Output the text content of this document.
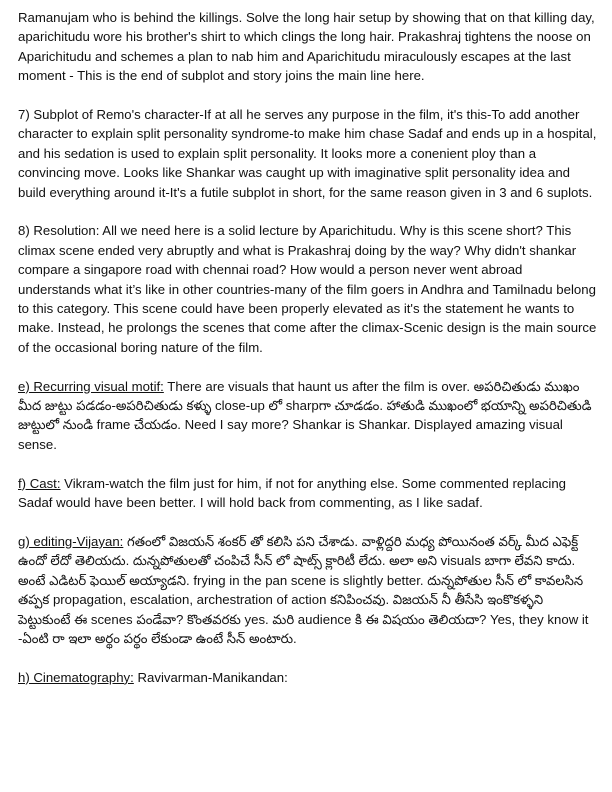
Ramanujam who is behind the killings. Solve the long hair setup by showing that on that killing day, aparichitudu wore his brother's shirt to which clings the long hair. Prakashraj tightens the noose on Aparichitudu and schemes a plan to nab him and Aparichitudu miraculously escapes at the last moment - This is the end of subplot and story joins the main line here.

7) Subplot of Remo's character-If at all he serves any purpose in the film, it's this-To add another character to explain split personality syndrome-to make him chase Sadaf and ends up in a hospital, and his sedation is used to explain split personality. It looks more a conenient ploy than a convincing move. Looks like Shankar was caught up with imaginative split personality idea and build everything around it-It's a futile subplot in short, for the same reason given in 3 and 6 suplots.

8) Resolution: All we need here is a solid lecture by Aparichitudu. Why is this scene short? This climax scene ended very abruptly and what is Prakashraj doing by the way? Why didn't shankar compare a singapore road with chennai road? How would a person never went abroad understands what it’s like in other countries-many of the film goers in Andhra and Tamilnadu belong to this category. This scene could have been properly elevated as it's the statement he wants to make. Instead, he prolongs the scenes that come after the climax-Scenic design is the main source of the occasional boring nature of the film.

e) Recurring visual motif: There are visuals that haunt us after the film is over. అపరిచితుడు ముఖం మీద జుట్టు పడడం-అపరిచితుడు కళ్ళు close-up లో sharpగా చూడడం. హాతుడి ముఖంలో భయాన్ని అపరిచితుడి జుట్టులో నుండి frame చేయడం. Need I say more? Shankar is Shankar. Displayed amazing visual sense.

f) Cast: Vikram-watch the film just for him, if not for anything else. Some commented replacing Sadaf would have been better. I will hold back from commenting, as I like sadaf.

g) editing-Vijayan: గతంలో విజయన్ శంకర్ తో కలిసి పని చేశాడు. వాళ్లిద్దరి మధ్య పోయినంత వర్క్ మీద ఎఫెక్ట్ ఉందో లేదో తెలియదు. దున్నపోతులతో చంపిచే సీన్ లో షాట్స్ క్లారిటీ లేదు. అలా అని visuals బాగా లేవని కాదు. అంటే ఎడిటర్ ఫెయిల్ అయ్యాడని. frying in the pan scene is slightly better. దున్నపోతుల సీన్ లో కావలసిన తప్పక propagation, escalation, archestration of action కనిపించవు. విజయన్ నీ తీసేసి ఇంకొకళ్ళని పెట్టుకుంటే ఈ scenes పండేవా? కొంతవరకు yes. మరి audience కి ఈ విషయం తెలియదా? Yes, they know it -ఏంటి రా ఇలా అర్థం పర్థం లేకుండా ఉంటే సీన్ అంటారు.

h) Cinematography: Ravivarman-Manikandan:
